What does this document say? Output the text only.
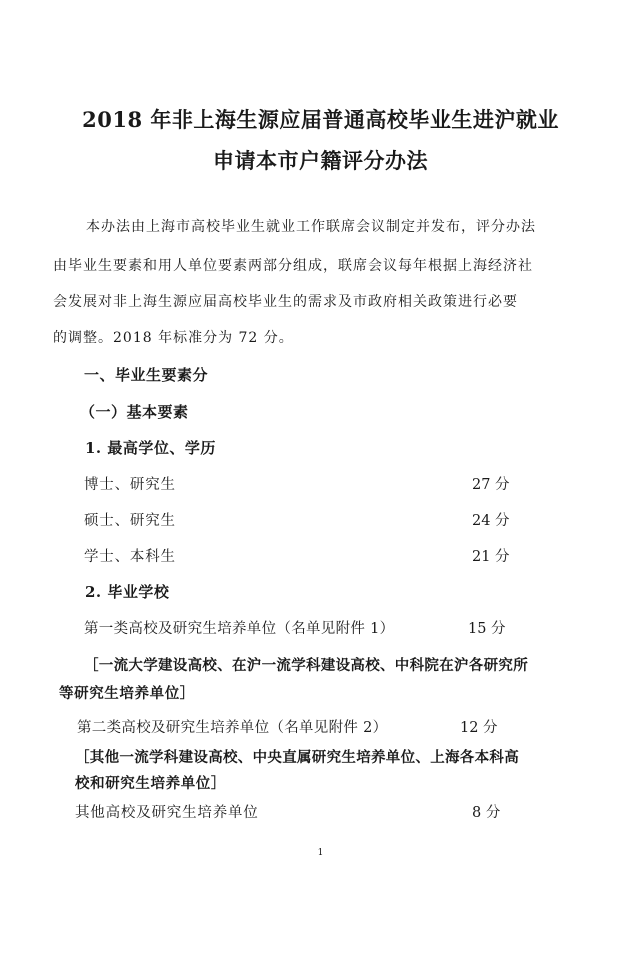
2018 年非上海生源应届普通高校毕业生进沪就业
申请本市户籍评分办法
本办法由上海市高校毕业生就业工作联席会议制定并发布，评分办法
由毕业生要素和用人单位要素两部分组成，联席会议每年根据上海经济社
会发展对非上海生源应届高校毕业生的需求及市政府相关政策进行必要
的调整。2018 年标准分为 72 分。
一、毕业生要素分
（一）基本要素
1. 最高学位、学历
博士、研究生	27 分
硕士、研究生	24 分
学士、本科生	21 分
2. 毕业学校
第一类高校及研究生培养单位（名单见附件 1）	15 分
［一流大学建设高校、在沪一流学科建设高校、中科院在沪各研究所
等研究生培养单位］
第二类高校及研究生培养单位（名单见附件 2）	12 分
［其他一流学科建设高校、中央直属研究生培养单位、上海各本科高
校和研究生培养单位］
其他高校及研究生培养单位	8 分
1
